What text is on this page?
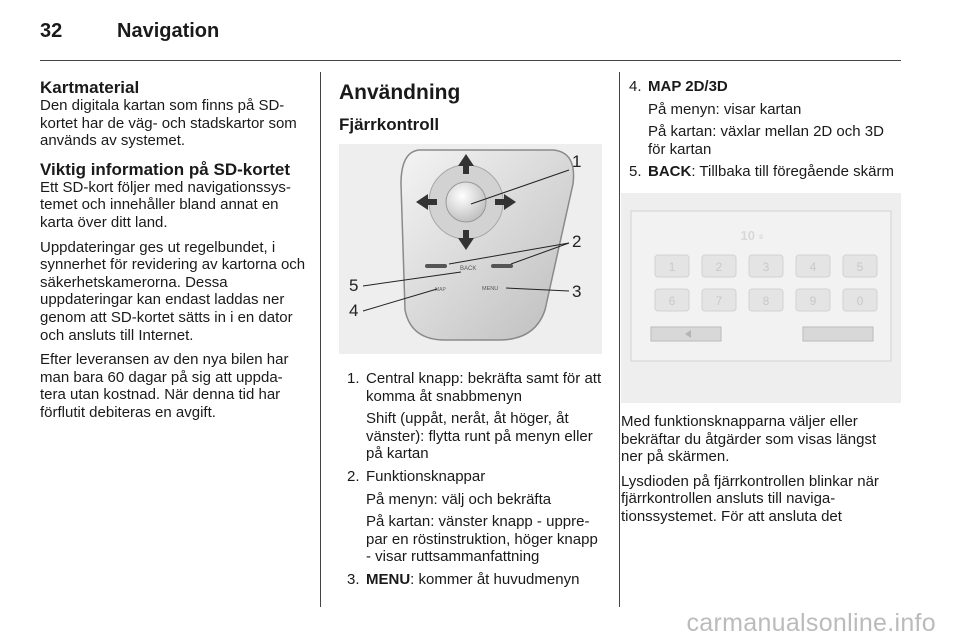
32	Navigation
Kartmaterial

Den digitala kartan som finns på SD-kortet har de väg- och stadskartor som används av systemet.

Viktig information på SD-kortet

Ett SD-kort följer med navigationssys-temet och innehåller bland annat en karta över ditt land.

Uppdateringar ges ut regelbundet, i synnerhet för revidering av kartorna och säkerhetskamerorna. Dessa uppdateringar kan endast laddas ner genom att SD-kortet sätts in i en dator och ansluts till Internet.

Efter leveransen av den nya bilen har man bara 60 dagar på sig att uppda-tera utan kostnad. När denna tid har förflutit debiteras en avgift.

Användning
Fjärrkontroll
BACK
MAP	MENU
1
2
3
4
5
1. Central knapp: bekräfta samt för att komma åt snabbmenyn

Shift (uppåt, neråt, åt höger, åt vänster): flytta runt på menyn eller på kartan

2. Funktionsknappar

På menyn: välj och bekräfta

På kartan: vänster knapp - uppre-par en röstinstruktion, höger knapp - visar ruttsammanfattning

3. MENU: kommer åt huvudmenyn

4. MAP 2D/3D

På menyn: visar kartan

På kartan: växlar mellan 2D och 3D för kartan

5. BACK: Tillbaka till föregående skärm

10 s
1	2	3	4	5
6	7	8	9	0

Med funktionsknapparna väljer eller bekräftar du åtgärder som visas längst ner på skärmen.

Lysdioden på fjärrkontrollen blinkar när fjärrkontrollen ansluts till naviga-tionssystemet. För att ansluta det

carmanualsonline.info
